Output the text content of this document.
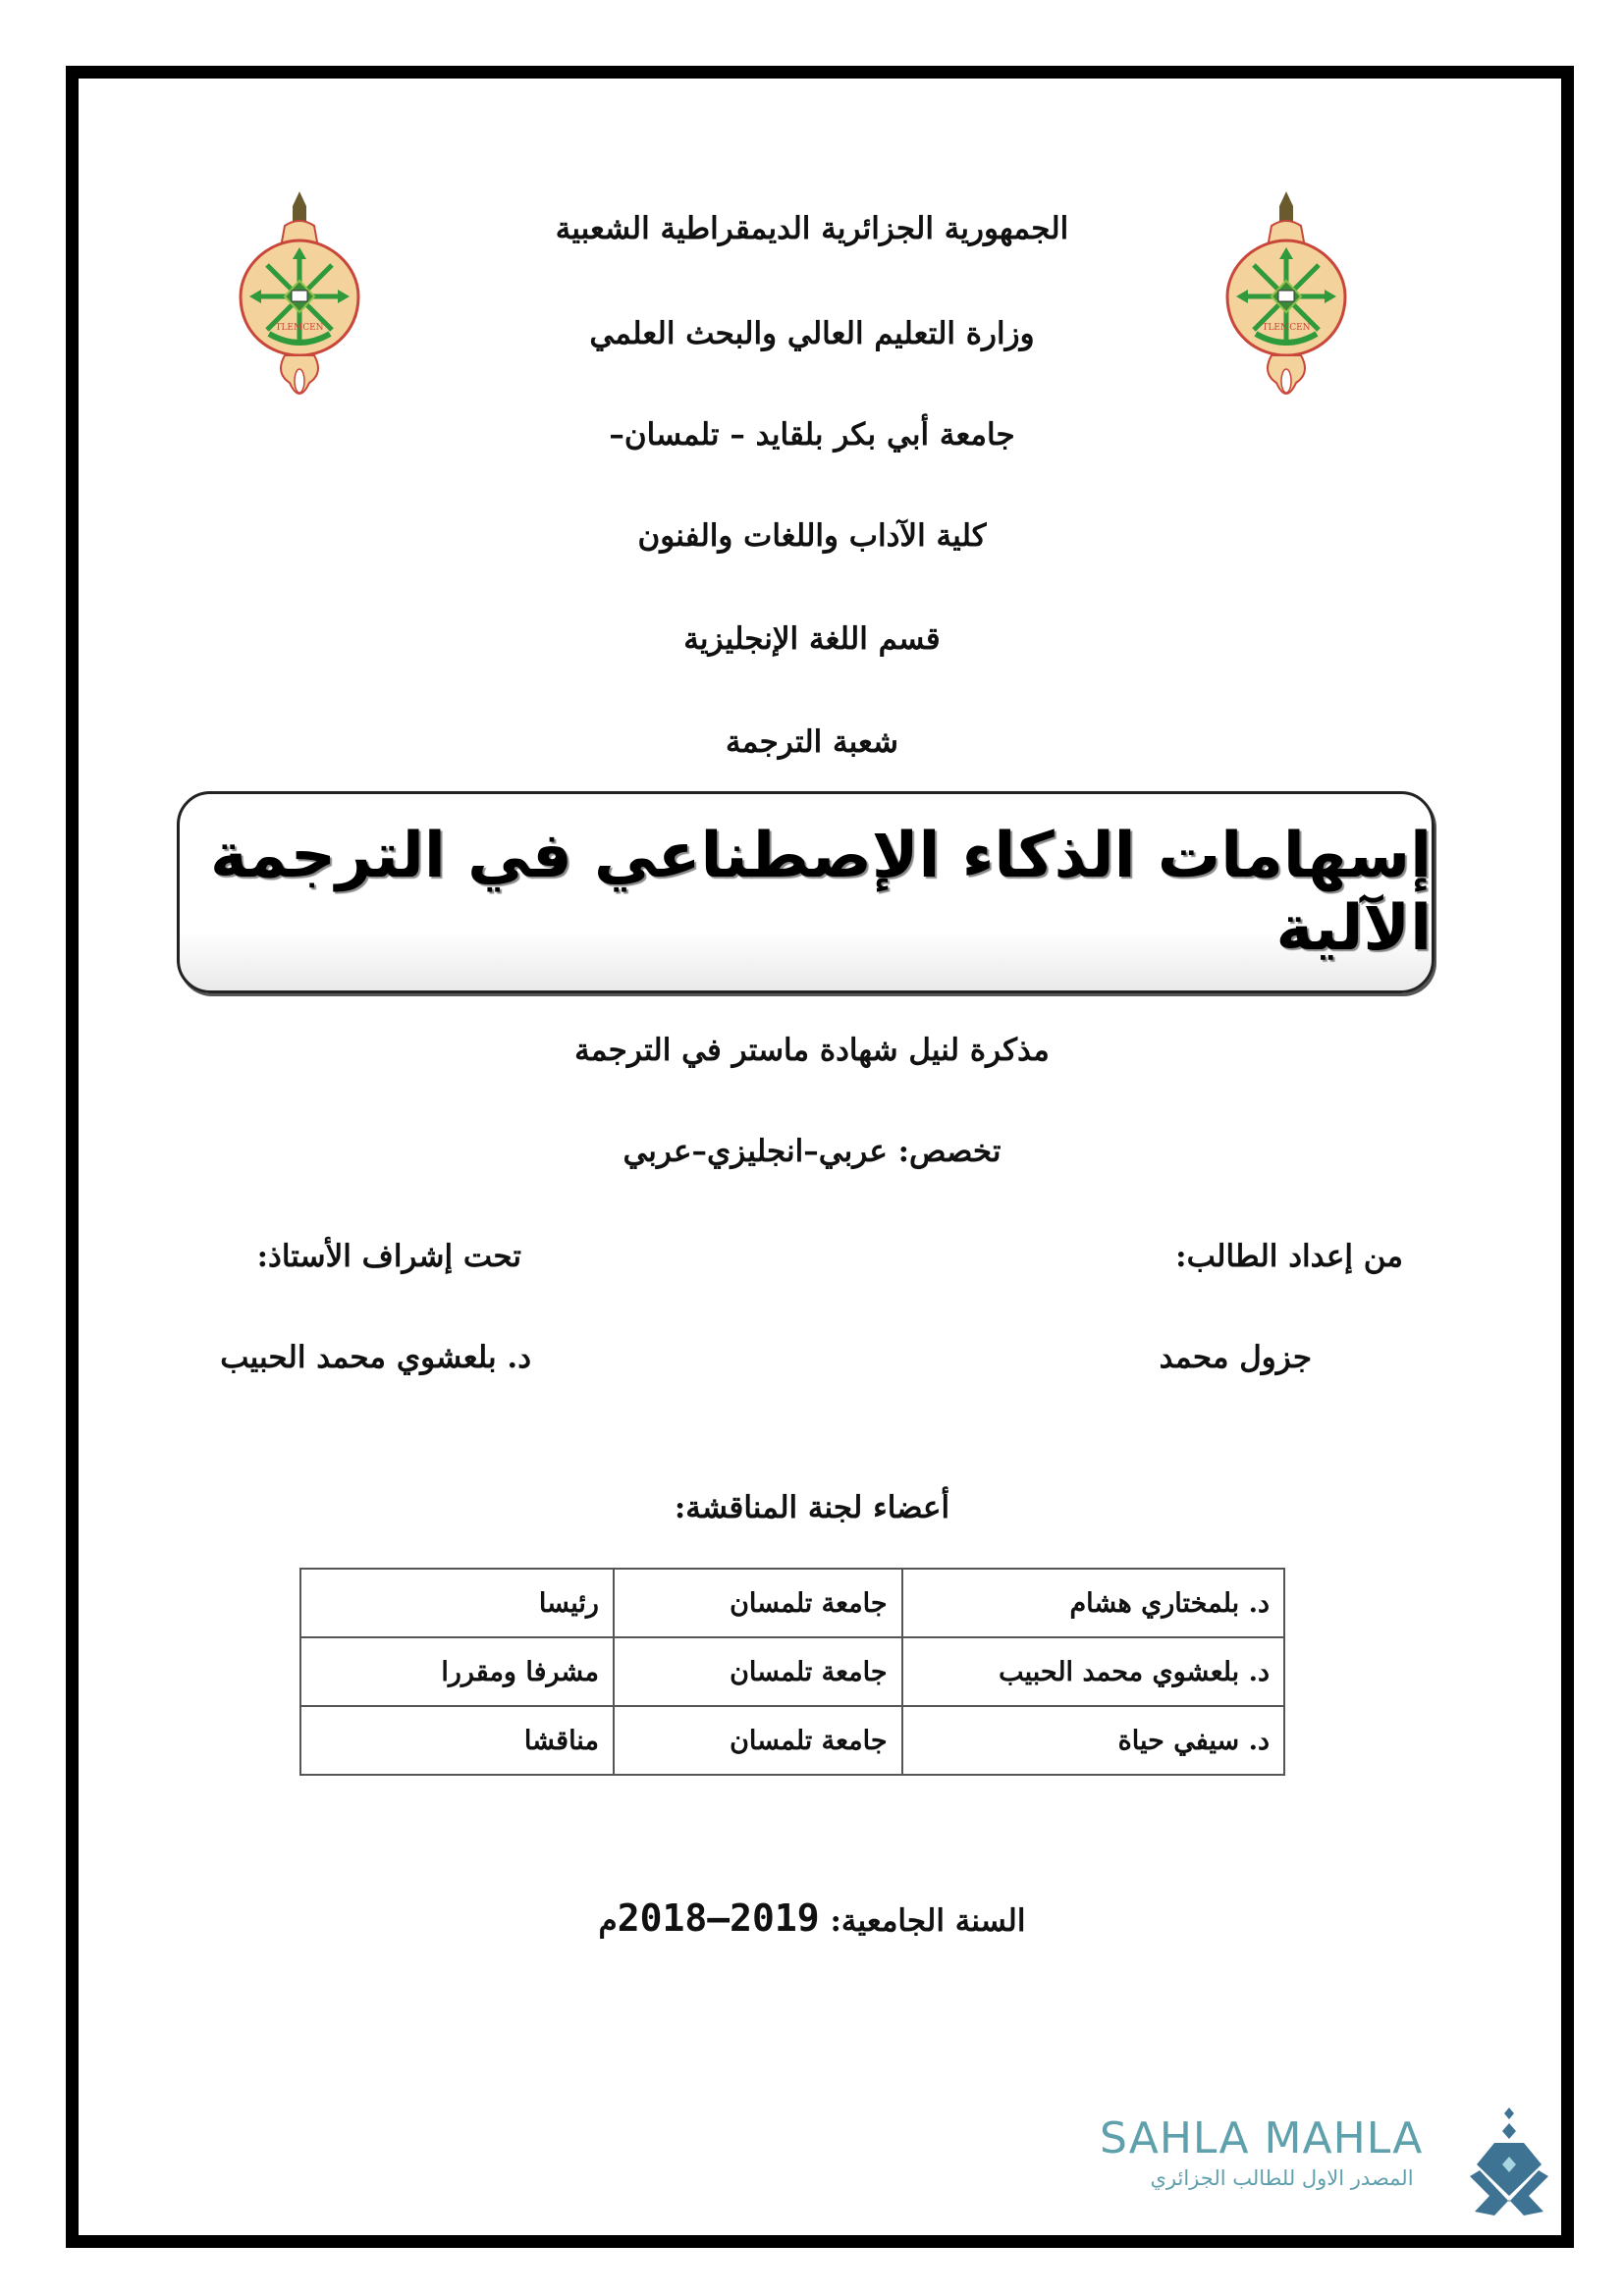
TLEMCEN	TLEMCEN
الجمهورية الجزائرية الديمقراطية الشعبية
وزارة التعليم العالي والبحث العلمي
جامعة أبي بكر بلقايد – تلمسان–
كلية الآداب واللغات والفنون
قسم اللغة الإنجليزية
شعبة الترجمة
إسهامات الذكاء الإصطناعي في الترجمة الآلية
مذكرة لنيل شهادة ماستر في الترجمة
تخصص: عربي–انجليزي–عربي
من إعداد الطالب:
تحت إشراف الأستاذ:
جزول محمد
د. بلعشوي محمد الحبيب
أعضاء لجنة المناقشة:
د. بلمختاري هشام	جامعة تلمسان	رئيسا
د. بلعشوي محمد الحبيب	جامعة تلمسان	مشرفا ومقررا
د. سيفي حياة	جامعة تلمسان	مناقشا
السنة الجامعية: 2018–2019م
SAHLA MAHLA
المصدر الاول للطالب الجزائري
